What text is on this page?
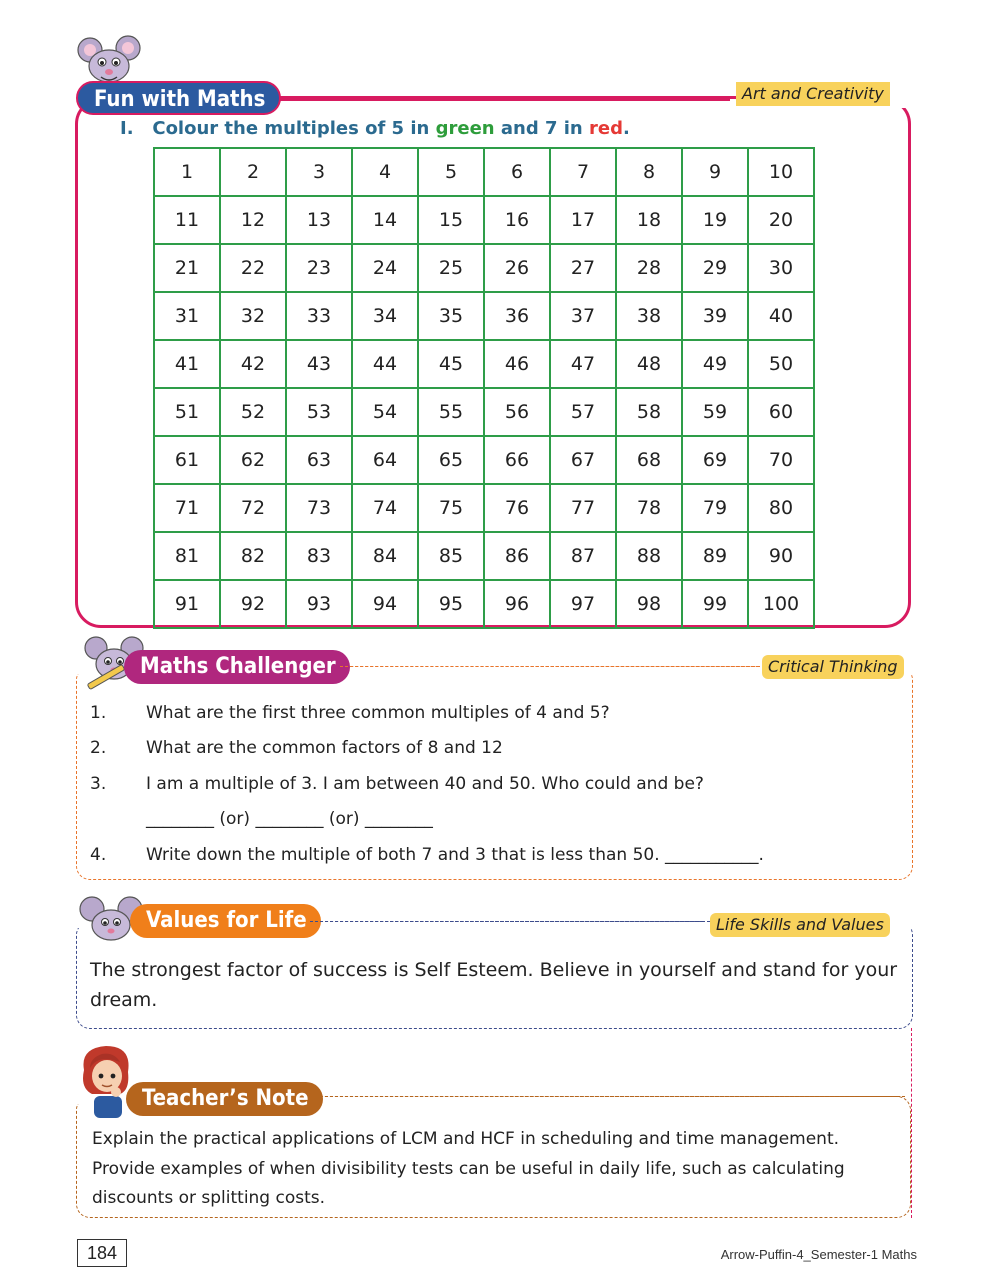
Fun with Maths	Art and Creativity
I. Colour the multiples of 5 in green and 7 in red.
1	2	3	4	5	6	7	8	9	10
11	12	13	14	15	16	17	18	19	20
21	22	23	24	25	26	27	28	29	30
31	32	33	34	35	36	37	38	39	40
41	42	43	44	45	46	47	48	49	50
51	52	53	54	55	56	57	58	59	60
61	62	63	64	65	66	67	68	69	70
71	72	73	74	75	76	77	78	79	80
81	82	83	84	85	86	87	88	89	90
91	92	93	94	95	96	97	98	99	100
Maths Challenger	Critical Thinking
1. What are the first three common multiples of 4 and 5?
2. What are the common factors of 8 and 12
3. I am a multiple of 3. I am between 40 and 50. Who could and be?
________ (or) ________ (or) ________
4. Write down the multiple of both 7 and 3 that is less than 50. ___________.
Values for Life	Life Skills and Values
The strongest factor of success is Self Esteem. Believe in yourself and stand for your dream.
Teacher’s Note
Explain the practical applications of LCM and HCF in scheduling and time management.
Provide examples of when divisibility tests can be useful in daily life, such as calculating discounts or splitting costs.
184	Arrow-Puffin-4_Semester-1 Maths
